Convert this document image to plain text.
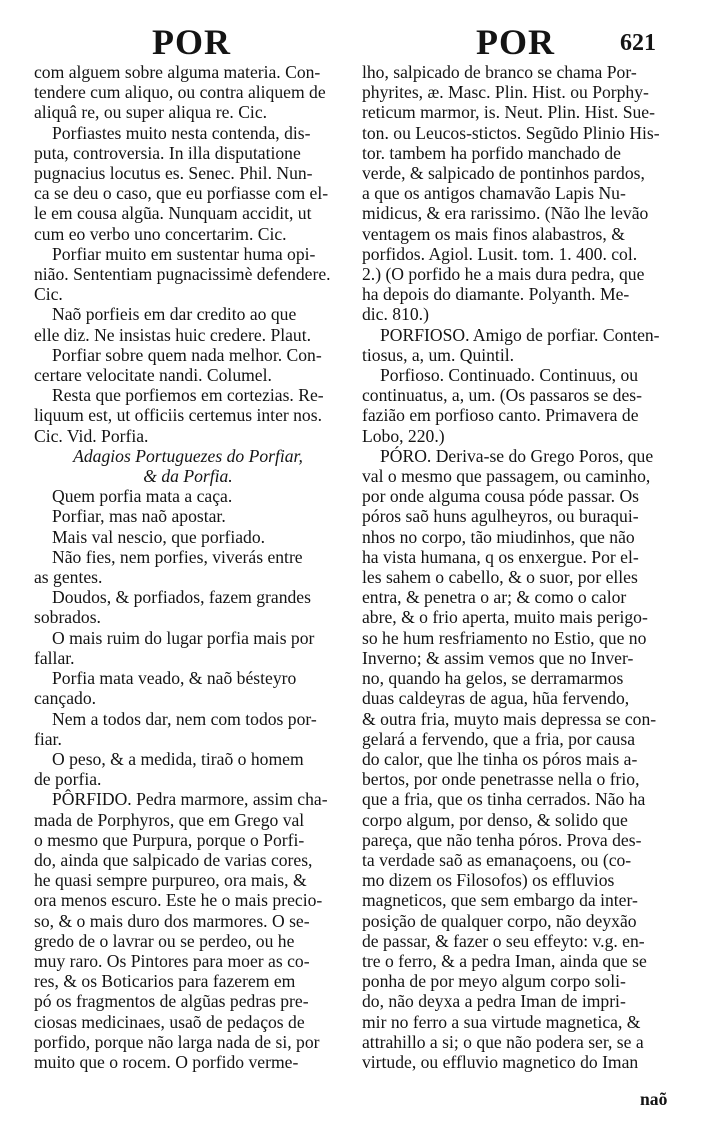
POR	POR	621
com alguem sobre alguma materia. Con-
tendere cum aliquo, ou contra aliquem de
aliquâ re, ou super aliqua re. Cic.
Porfiastes muito nesta contenda, dis-
puta, controversia. In illa disputatione
pugnacius locutus es. Senec. Phil. Nun-
ca se deu o caso, que eu porfiasse com el-
le em cousa algũa. Nunquam accidit, ut
cum eo verbo uno concertarim. Cic.
Porfiar muito em sustentar huma opi-
nião. Sententiam pugnacissimè defendere.
Cic.
Naõ porfieis em dar credito ao que
elle diz. Ne insistas huic credere. Plaut.
Porfiar sobre quem nada melhor. Con-
certare velocitate nandi. Columel.
Resta que porfiemos em cortezias. Re-
liquum est, ut officiis certemus inter nos.
Cic. Vid. Porfia.
Adagios Portuguezes do Porfiar,
& da Porfia.
Quem porfia mata a caça.
Porfiar, mas naõ apostar.
Mais val nescio, que porfiado.
Não fies, nem porfies, viverás entre
as gentes.
Doudos, & porfiados, fazem grandes
sobrados.
O mais ruim do lugar porfia mais por
fallar.
Porfia mata veado, & naõ bésteyro
cançado.
Nem a todos dar, nem com todos por-
fiar.
O peso, & a medida, tiraõ o homem
de porfia.
PÔRFIDO. Pedra marmore, assim cha-
mada de Porphyros, que em Grego val
o mesmo que Purpura, porque o Porfi-
do, ainda que salpicado de varias cores,
he quasi sempre purpureo, ora mais, &
ora menos escuro. Este he o mais precio-
so, & o mais duro dos marmores. O se-
gredo de o lavrar ou se perdeo, ou he
muy raro. Os Pintores para moer as co-
res, & os Boticarios para fazerem em
pó os fragmentos de algũas pedras pre-
ciosas medicinaes, usaõ de pedaços de
porfido, porque não larga nada de si, por
muito que o rocem. O porfido verme-
lho, salpicado de branco se chama Por-
phyrites, æ. Masc. Plin. Hist. ou Porphy-
reticum marmor, is. Neut. Plin. Hist. Sue-
ton. ou Leucos-stictos. Segũdo Plinio His-
tor. tambem ha porfido manchado de
verde, & salpicado de pontinhos pardos,
a que os antigos chamavão Lapis Nu-
midicus, & era rarissimo. (Não lhe levão
ventagem os mais finos alabastros, &
porfidos. Agiol. Lusit. tom. 1. 400. col.
2.) (O porfido he a mais dura pedra, que
ha depois do diamante. Polyanth. Me-
dic. 810.)
PORFIOSO. Amigo de porfiar. Conten-
tiosus, a, um. Quintil.
Porfioso. Continuado. Continuus, ou
continuatus, a, um. (Os passaros se des-
fazião em porfioso canto. Primavera de
Lobo, 220.)
PÓRO. Deriva-se do Grego Poros, que
val o mesmo que passagem, ou caminho,
por onde alguma cousa póde passar. Os
póros saõ huns agulheyros, ou buraqui-
nhos no corpo, tão miudinhos, que não
ha vista humana, q os enxergue. Por el-
les sahem o cabello, & o suor, por elles
entra, & penetra o ar; & como o calor
abre, & o frio aperta, muito mais perigo-
so he hum resfriamento no Estio, que no
Inverno; & assim vemos que no Inver-
no, quando ha gelos, se derramarmos
duas caldeyras de agua, hũa fervendo,
& outra fria, muyto mais depressa se con-
gelará a fervendo, que a fria, por causa
do calor, que lhe tinha os póros mais a-
bertos, por onde penetrasse nella o frio,
que a fria, que os tinha cerrados. Não ha
corpo algum, por denso, & solido que
pareça, que não tenha póros. Prova des-
ta verdade saõ as emanaçoens, ou (co-
mo dizem os Filosofos) os effluvios
magneticos, que sem embargo da inter-
posição de qualquer corpo, não deyxão
de passar, & fazer o seu effeyto: v.g. en-
tre o ferro, & a pedra Iman, ainda que se
ponha de por meyo algum corpo soli-
do, não deyxa a pedra Iman de impri-
mir no ferro a sua virtude magnetica, &
attrahillo a si; o que não podera ser, se a
virtude, ou effluvio magnetico do Iman
naõ
